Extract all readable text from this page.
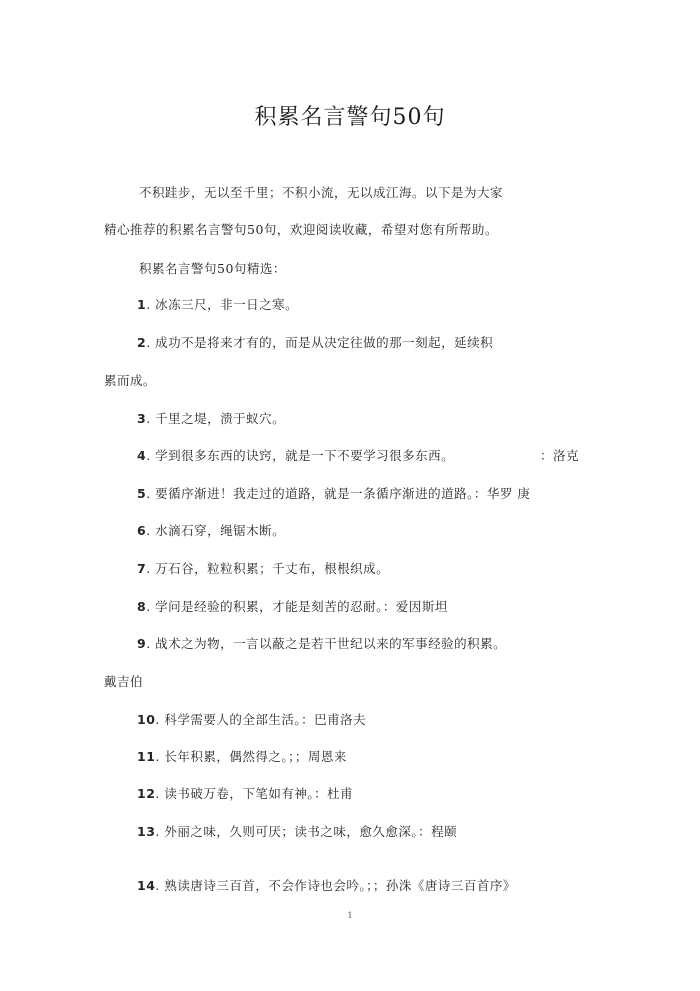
积累名言警句50句
不积跬步，无以至千里；不积小流，无以成江海。以下是为大家
精心推荐的积累名言警句50句，欢迎阅读收藏，希望对您有所帮助。
积累名言警句50句精选：
1. 冰冻三尺，非一日之寒。
2. 成功不是将来才有的，而是从决定往做的那一刻起，延续积
累而成。
3. 千里之堤，溃于蚁穴。
4. 学到很多东西的诀窍，就是一下不要学习很多东西。	：洛克
5. 要循序渐进！我走过的道路，就是一条循序渐进的道路。：华罗 庚
6. 水滴石穿，绳锯木断。
7. 万石谷，粒粒积累；千丈布，根根织成。
8. 学问是经验的积累，才能是刻苦的忍耐。：爱因斯坦
9. 战术之为物，一言以蔽之是若干世纪以来的军事经验的积累。
戴吉伯
10. 科学需要人的全部生活。：巴甫洛夫
11. 长年积累，偶然得之。；；周恩来
12. 读书破万卷，下笔如有神。：杜甫
13. 外丽之味，久则可厌；读书之味，愈久愈深。：程颐
14. 熟读唐诗三百首，不会作诗也会吟。；；孙洙《唐诗三百首序》
1
